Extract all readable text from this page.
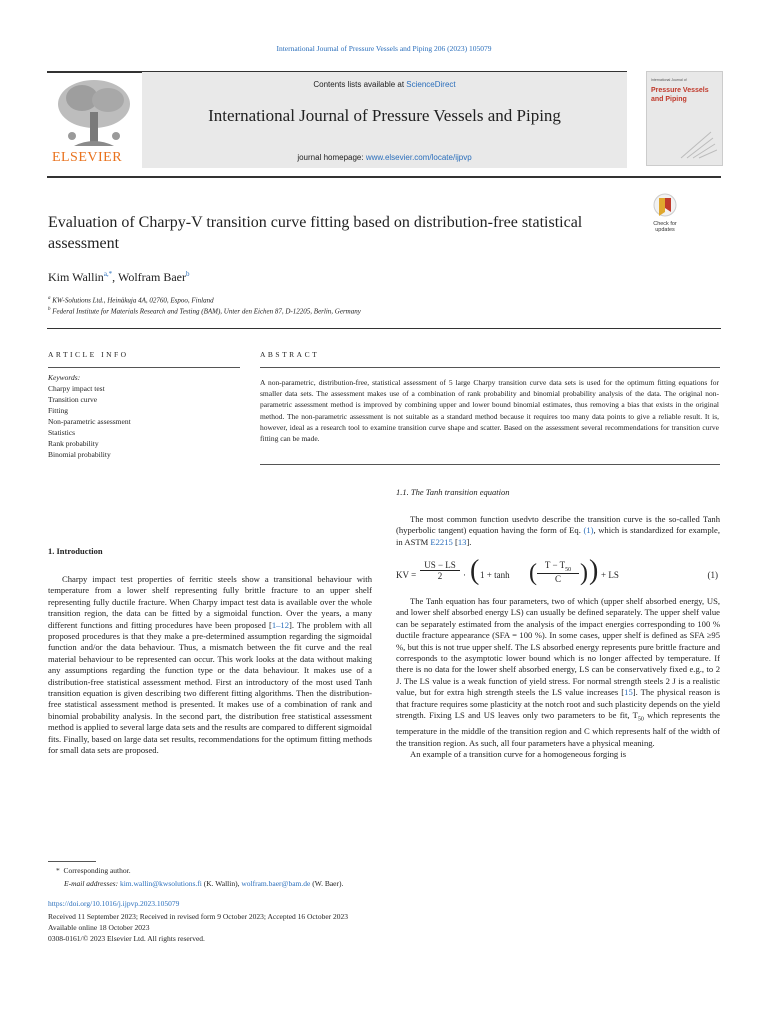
International Journal of Pressure Vessels and Piping 206 (2023) 105079
ELSEVIER
Contents lists available at ScienceDirect
International Journal of Pressure Vessels and Piping
journal homepage: www.elsevier.com/locate/ijpvp
International Journal of
Pressure Vessels and Piping
Evaluation of Charpy-V transition curve fitting based on distribution-free statistical assessment
Check for
updates
Kim Wallin$^{a,*}$, Wolfram Baer$^b$
$^a$ KW-Solutions Ltd., Heinäkuja 4A, 02760, Espoo, Finland
$^b$ Federal Institute for Materials Research and Testing (BAM), Unter den Eichen 87, D-12205, Berlin, Germany
ARTICLE INFO
Keywords:
Charpy impact test
Transition curve
Fitting
Non-parametric assessment
Statistics
Rank probability
Binomial probability
ABSTRACT
A non-parametric, distribution-free, statistical assessment of 5 large Charpy transition curve data sets is used for the optimum fitting equations for smaller data sets. The assessment makes use of a combination of rank probability and binomial probability analysis of the data. The original non-parametric assessment method is improved by combining upper and lower bound binomial estimates, thus removing a bias that exists in the original method. The non-parametric assessment is not suitable as a standard method because it requires too many data points to give a reliable result. It is, however, ideal as a research tool to examine transition curve shape and scatter. Based on the assessment several recommendations for transition curve fitting can be made.
1. Introduction

Charpy impact test properties of ferritic steels show a transitional behaviour with temperature from a lower shelf representing fully brittle fracture to an upper shelf representing fully ductile fracture. When Charpy impact test data is available over the whole transition region, the data can be fitted by a sigmoidal function. Over the years, a many different functions and fitting procedures have been proposed [1–12]. The problem with all proposed procedures is that they make a pre-determined assumption regarding the sigmoidal function and/or the data behaviour. Thus, a mismatch between the fit curve and the real material behaviour to be represented can occur. This work looks at the data without making any assumptions regarding the function type or the data behaviour. It makes use of a distribution-free statistical assessment method. First an introductory of the most used Tanh transition equation is given describing two different fitting algorithms. Then the distribution-free statistical assessment method is presented. It makes use of a combination of rank and binomial probability analysis. In the second part, the distribution free statistical assessment method is applied to several large data sets and the results are compared to different sigmoidal fits. Finally, based on large data set results, recommendations for the optimum fitting methods for small data sets are proposed.

1.1. The Tanh transition equation

The most common function usedvto describe the transition curve is the so-called Tanh (hyperbolic tangent) equation having the form of Eq. (1), which is standardized for example, in ASTM E2215 [13].

KV =
US − LS
2	· ( 1 + tanh ( $T - T_{50}$
C ) ) + LS	(1)

The Tanh equation has four parameters, two of which (upper shelf absorbed energy, US, and lower shelf absorbed energy LS) can usually be defined separately. The upper shelf value can be separately estimated from the analysis of the impact energies corresponding to 100 % ductile fracture appearance (SFA = 100 %). In some cases, upper shelf is defined as SFA ≥95 %, but this is not true upper shelf. The LS absorbed energy represents pure brittle fracture and corresponds to the asymptotic lower bound which is no longer affected by temperature. If there is no data for the lower shelf absorbed energy, LS can be conservatively fixed e.g., to 2 J. The LS value is a weak function of yield stress. For normal strength steels 2 J is a realistic value, but for extra high strength steels the LS value increases [15]. The physical reason is that fracture requires some plasticity at the notch root and such plasticity depends on the yield strength. Fixing LS and US leaves only two parameters to be fit, $T_{50}$ which represents the temperature in the middle of the transition region and C which represents half of the width of the transition region. As such, all four parameters have a physical meaning.

An example of a transition curve for a homogeneous forging is

* Corresponding author.
E-mail addresses: kim.wallin@kwsolutions.fi (K. Wallin), wolfram.baer@bam.de (W. Baer).
https://doi.org/10.1016/j.ijpvp.2023.105079
Received 11 September 2023; Received in revised form 9 October 2023; Accepted 16 October 2023
Available online 18 October 2023
0308-0161/© 2023 Elsevier Ltd. All rights reserved.
